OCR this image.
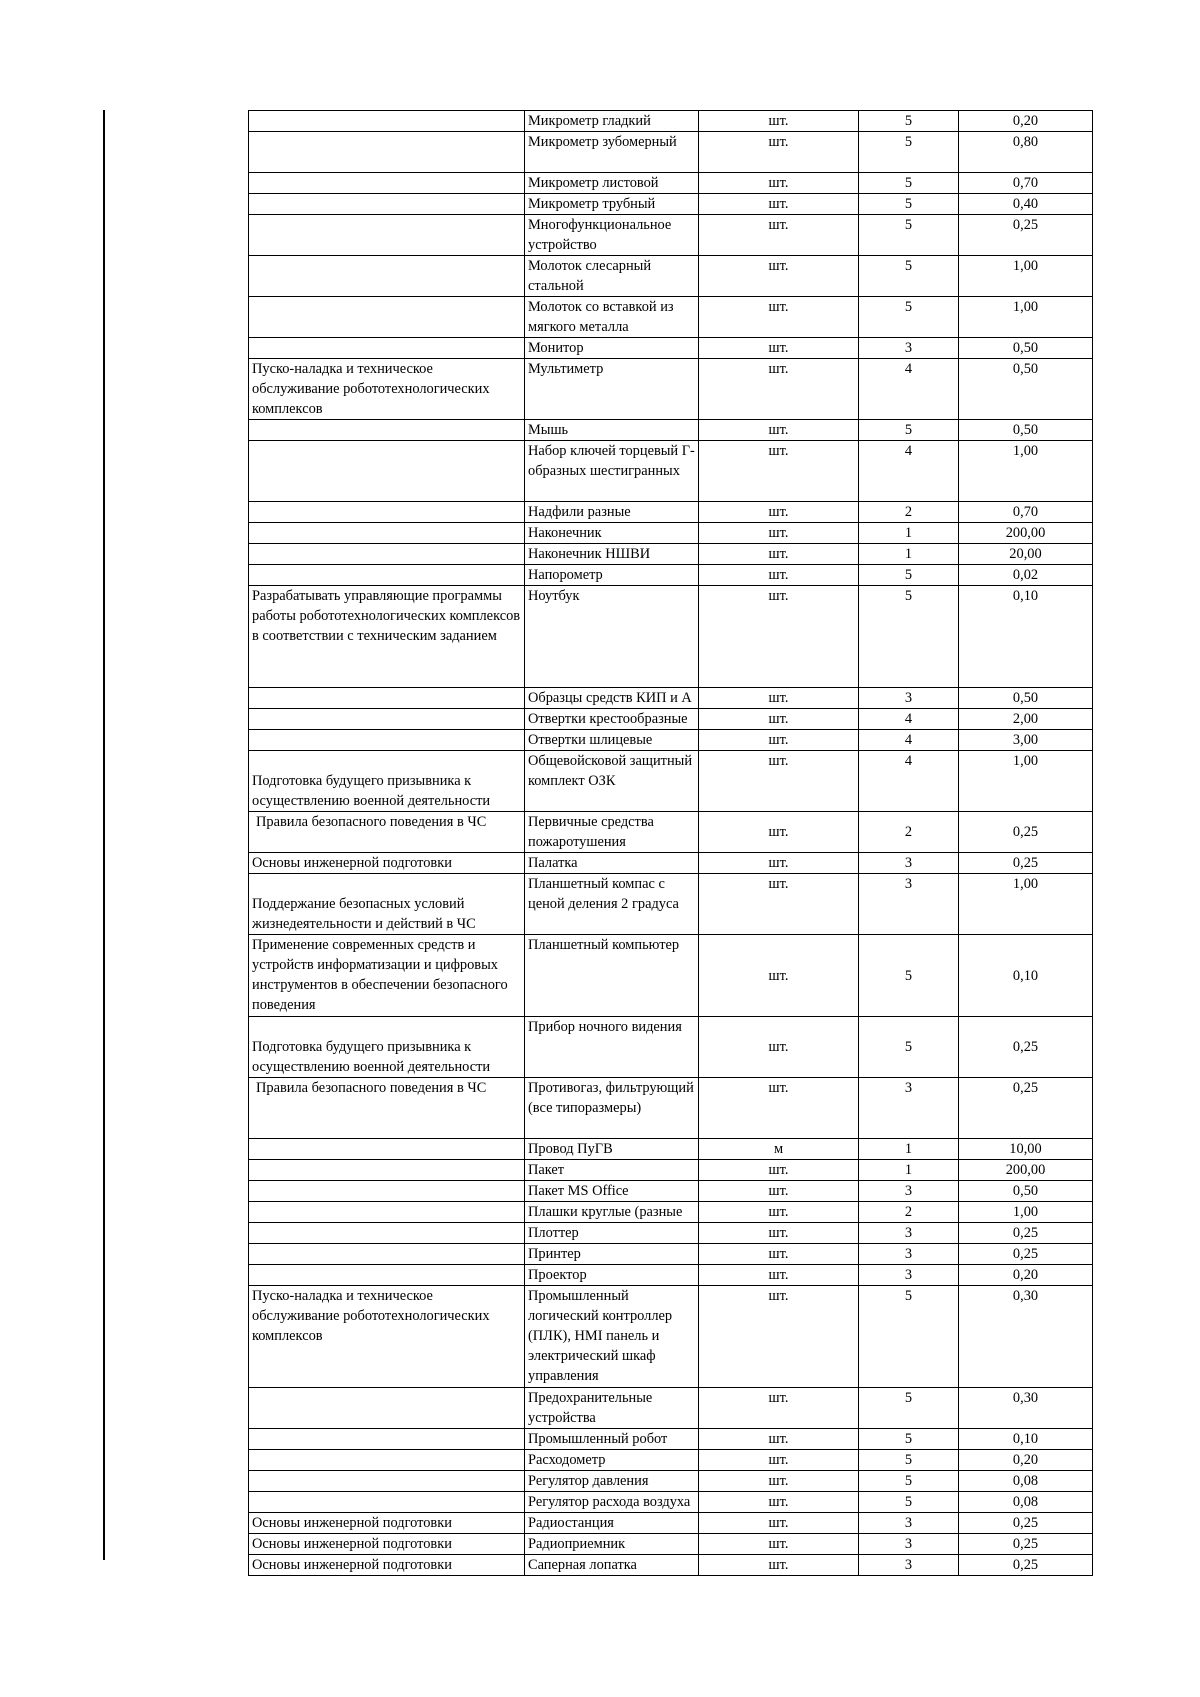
	Микрометр гладкий	шт.	5	0,20
	Микрометр зубомерный	шт.	5	0,80
	Микрометр листовой	шт.	5	0,70
	Микрометр трубный	шт.	5	0,40
	Многофункциональное устройство	шт.	5	0,25
	Молоток слесарный стальной	шт.	5	1,00
	Молоток со вставкой из мягкого металла	шт.	5	1,00
	Монитор	шт.	3	0,50
Пуско-наладка и техническое обслуживание робототехнологических комплексов	Мультиметр	шт.	4	0,50
	Мышь	шт.	5	0,50
	Набор ключей торцевый Г-образных шестигранных	шт.	4	1,00
	Надфили разные	шт.	2	0,70
	Наконечник	шт.	1	200,00
	Наконечник НШВИ	шт.	1	20,00
	Напорометр	шт.	5	0,02
Разрабатывать управляющие программы работы робототехнологических комплексов в соответствии с техническим заданием	Ноутбук	шт.	5	0,10
	Образцы средств КИП и А	шт.	3	0,50
	Отвертки крестообразные	шт.	4	2,00
	Отвертки шлицевые	шт.	4	3,00
Подготовка будущего призывника к осуществлению военной деятельности	Общевойсковой защитный комплект ОЗК	шт.	4	1,00
Правила безопасного поведения в ЧС	Первичные средства пожаротушения	шт.	2	0,25
Основы инженерной подготовки	Палатка	шт.	3	0,25
Поддержание безопасных условий жизнедеятельности и действий в ЧС	Планшетный компас с ценой деления 2 градуса	шт.	3	1,00
Применение современных средств и устройств информатизации и цифровых инструментов в обеспечении безопасного поведения	Планшетный компьютер	шт.	5	0,10
Подготовка будущего призывника к осуществлению военной деятельности	Прибор ночного видения	шт.	5	0,25
Правила безопасного поведения в ЧС	Противогаз, фильтрующий (все типоразмеры)	шт.	3	0,25
	Провод ПуГВ	м	1	10,00
	Пакет	шт.	1	200,00
	Пакет MS Office	шт.	3	0,50
	Плашки круглые (разные	шт.	2	1,00
	Плоттер	шт.	3	0,25
	Принтер	шт.	3	0,25
	Проектор	шт.	3	0,20
Пуско-наладка и техническое обслуживание робототехнологических комплексов	Промышленный логический контроллер (ПЛК), HMI панель и электрический шкаф управления	шт.	5	0,30
	Предохранительные устройства	шт.	5	0,30
	Промышленный робот	шт.	5	0,10
	Расходометр	шт.	5	0,20
	Регулятор давления	шт.	5	0,08
	Регулятор расхода воздуха	шт.	5	0,08
Основы инженерной подготовки	Радиостанция	шт.	3	0,25
Основы инженерной подготовки	Радиоприемник	шт.	3	0,25
Основы инженерной подготовки	Саперная лопатка	шт.	3	0,25
